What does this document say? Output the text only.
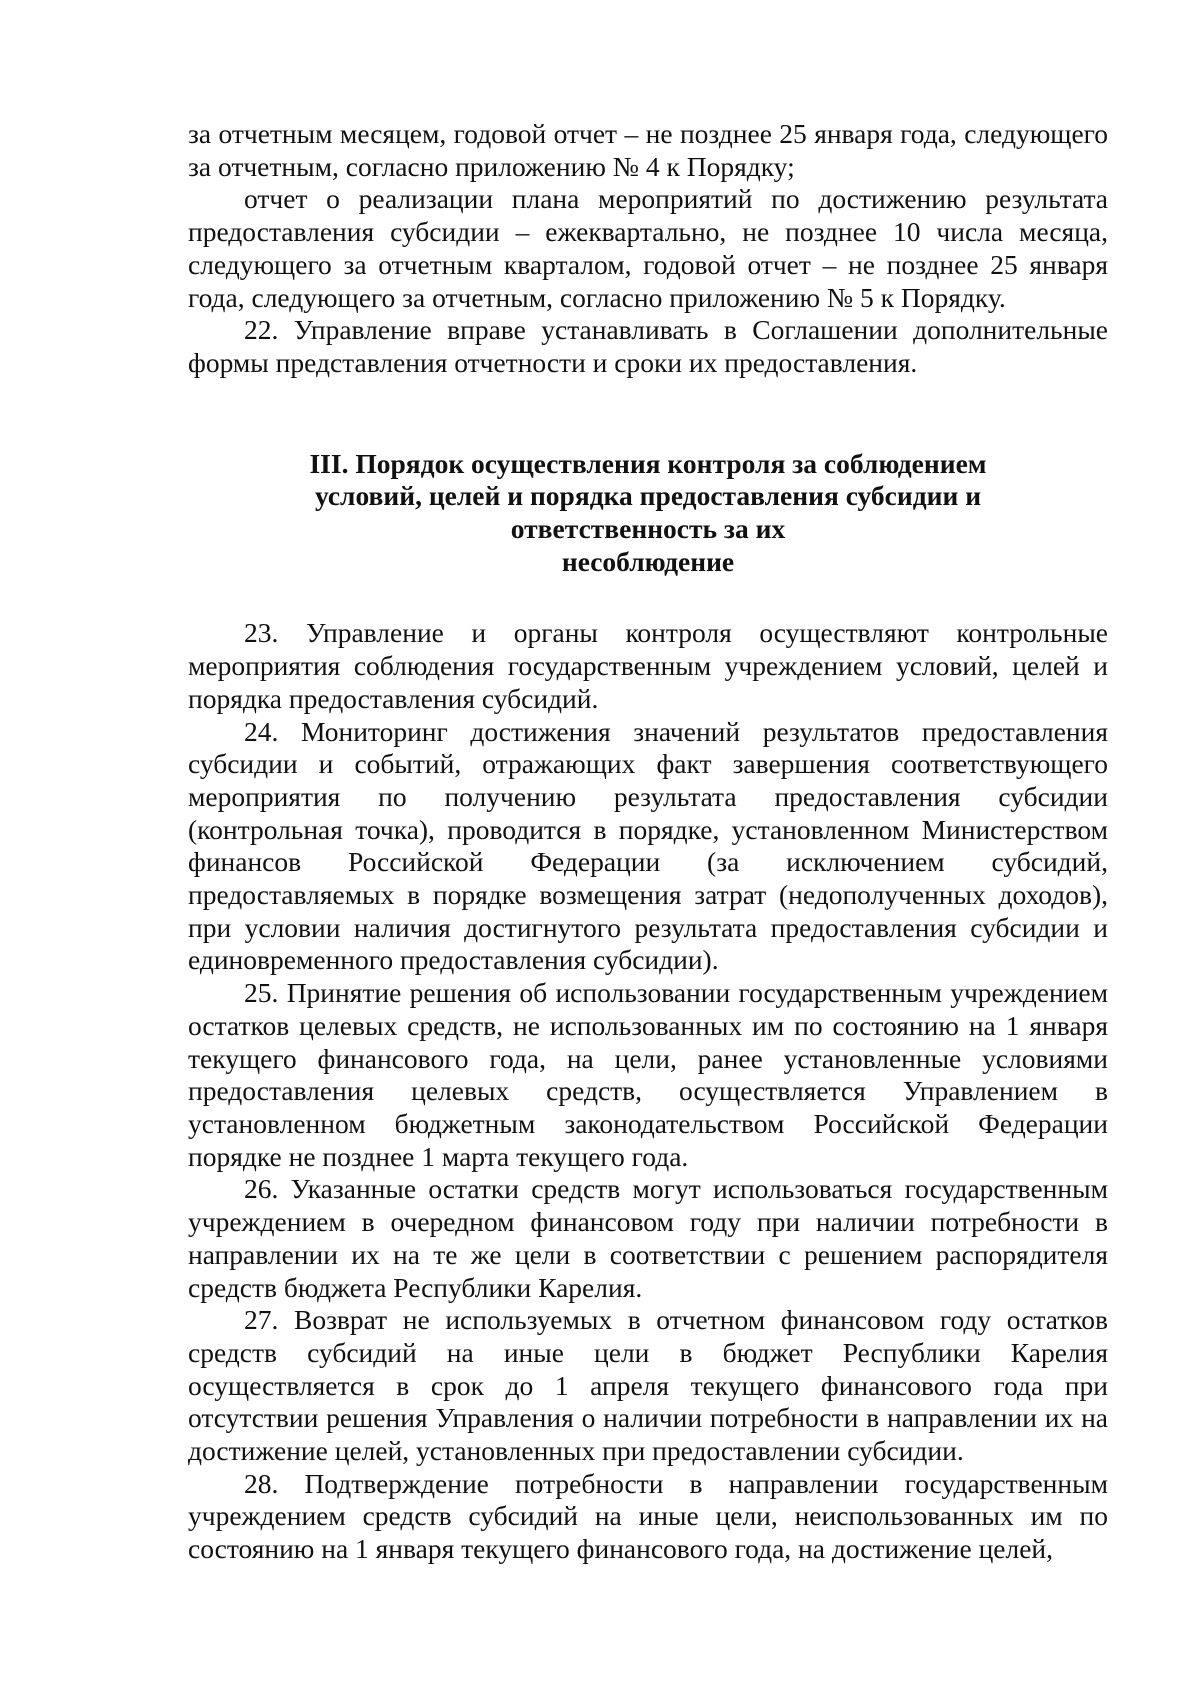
за отчетным месяцем, годовой отчет – не позднее 25 января года, следующего за отчетным, согласно приложению № 4 к Порядку;

отчет о реализации плана мероприятий по достижению результата предоставления субсидии – ежеквартально, не позднее 10 числа месяца, следующего за отчетным кварталом, годовой отчет – не позднее 25 января года, следующего за отчетным, согласно приложению № 5 к Порядку.

22. Управление вправе устанавливать в Соглашении дополнительные формы представления отчетности и сроки их предоставления.

III. Порядок осуществления контроля за соблюдением
условий, целей и порядка предоставления субсидии и
ответственность за их
несоблюдение

23. Управление и органы контроля осуществляют контрольные мероприятия соблюдения государственным учреждением условий, целей и порядка предоставления субсидий.

24. Мониторинг достижения значений результатов предоставления субсидии и событий, отражающих факт завершения соответствующего мероприятия по получению результата предоставления субсидии (контрольная точка), проводится в порядке, установленном Министерством финансов Российской Федерации (за исключением субсидий, предоставляемых в порядке возмещения затрат (недополученных доходов), при условии наличия достигнутого результата предоставления субсидии и единовременного предоставления субсидии).

25. Принятие решения об использовании государственным учреждением остатков целевых средств, не использованных им по состоянию на 1 января текущего финансового года, на цели, ранее установленные условиями предоставления целевых средств, осуществляется Управлением в установленном бюджетным законодательством Российской Федерации порядке не позднее 1 марта текущего года.

26. Указанные остатки средств могут использоваться государственным учреждением в очередном финансовом году при наличии потребности в направлении их на те же цели в соответствии с решением распорядителя средств бюджета Республики Карелия.

27. Возврат не используемых в отчетном финансовом году остатков средств субсидий на иные цели в бюджет Республики Карелия осуществляется в срок до 1 апреля текущего финансового года при отсутствии решения Управления о наличии потребности в направлении их на достижение целей, установленных при предоставлении субсидии.

28. Подтверждение потребности в направлении государственным учреждением средств субсидий на иные цели, неиспользованных им по состоянию на 1 января текущего финансового года, на достижение целей,
